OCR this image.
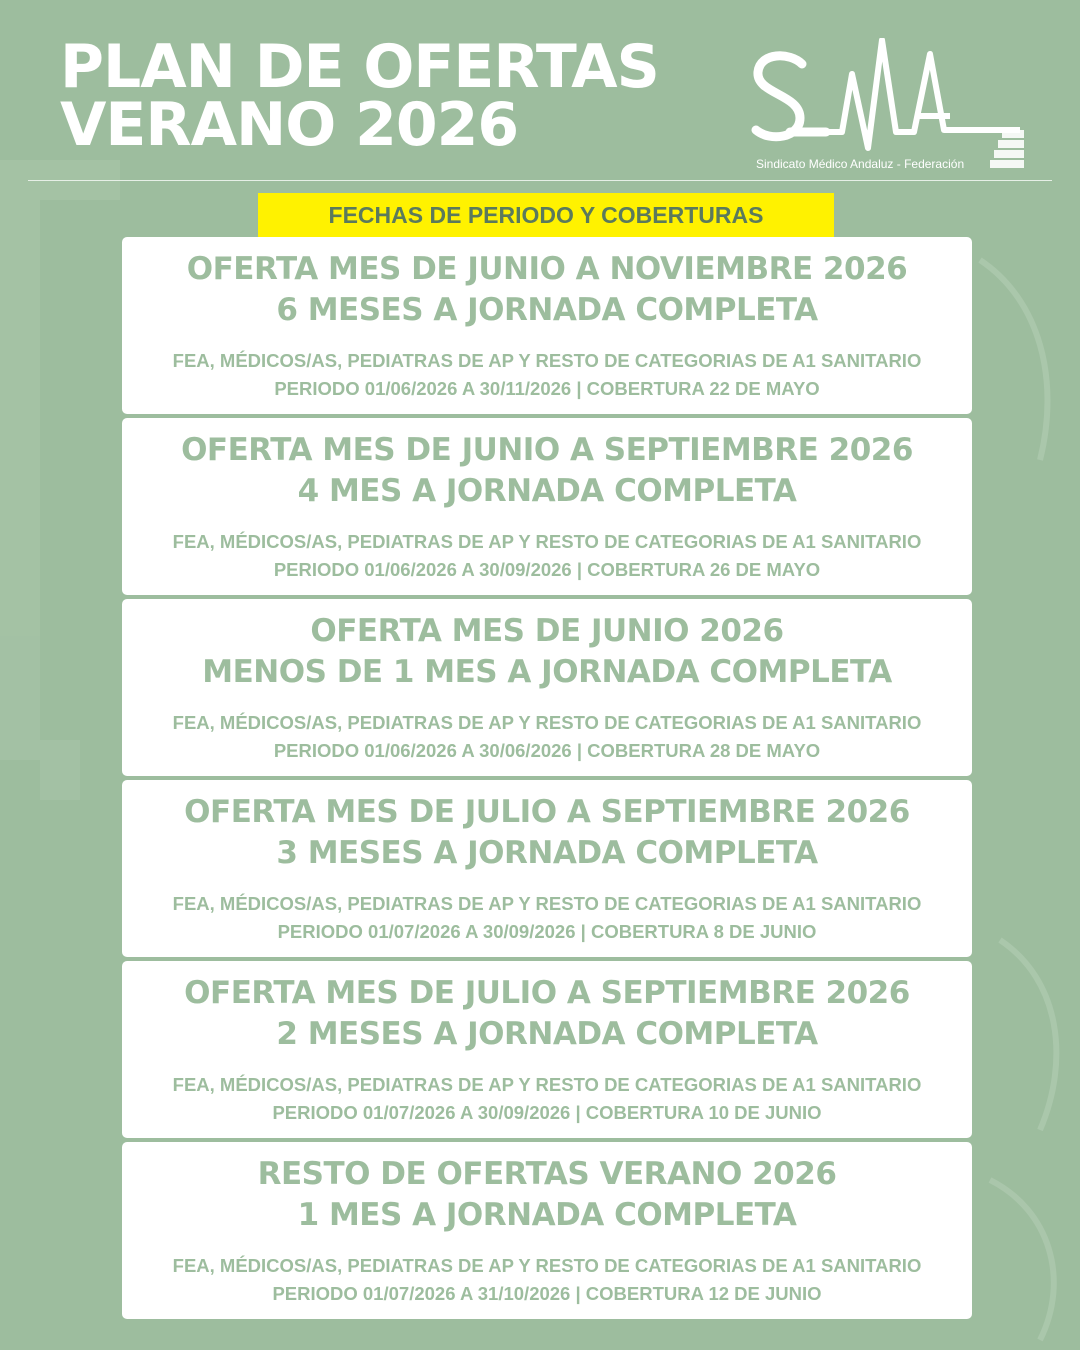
PLAN DE OFERTAS
VERANO 2026
Sindicato Médico Andaluz - Federación
FECHAS DE PERIODO Y COBERTURAS
OFERTA MES DE JUNIO A NOVIEMBRE 2026
6 MESES A JORNADA COMPLETA
FEA, MÉDICOS/AS, PEDIATRAS DE AP Y RESTO DE CATEGORIAS DE A1 SANITARIO
PERIODO 01/06/2026 A 30/11/2026 | COBERTURA 22 DE MAYO
OFERTA MES DE JUNIO A SEPTIEMBRE 2026
4 MES A JORNADA COMPLETA
FEA, MÉDICOS/AS, PEDIATRAS DE AP Y RESTO DE CATEGORIAS DE A1 SANITARIO
PERIODO 01/06/2026 A 30/09/2026 | COBERTURA 26 DE MAYO
OFERTA MES DE JUNIO 2026
MENOS DE 1 MES A JORNADA COMPLETA
FEA, MÉDICOS/AS, PEDIATRAS DE AP Y RESTO DE CATEGORIAS DE A1 SANITARIO
PERIODO 01/06/2026 A 30/06/2026 | COBERTURA 28 DE MAYO
OFERTA MES DE JULIO A SEPTIEMBRE 2026
3 MESES A JORNADA COMPLETA
FEA, MÉDICOS/AS, PEDIATRAS DE AP Y RESTO DE CATEGORIAS DE A1 SANITARIO
PERIODO 01/07/2026 A 30/09/2026 | COBERTURA 8 DE JUNIO
OFERTA MES DE JULIO A SEPTIEMBRE 2026
2 MESES A JORNADA COMPLETA
FEA, MÉDICOS/AS, PEDIATRAS DE AP Y RESTO DE CATEGORIAS DE A1 SANITARIO
PERIODO 01/07/2026 A 30/09/2026 | COBERTURA 10 DE JUNIO
RESTO DE OFERTAS VERANO 2026
1 MES A JORNADA COMPLETA
FEA, MÉDICOS/AS, PEDIATRAS DE AP Y RESTO DE CATEGORIAS DE A1 SANITARIO
PERIODO 01/07/2026 A 31/10/2026 | COBERTURA 12 DE JUNIO
